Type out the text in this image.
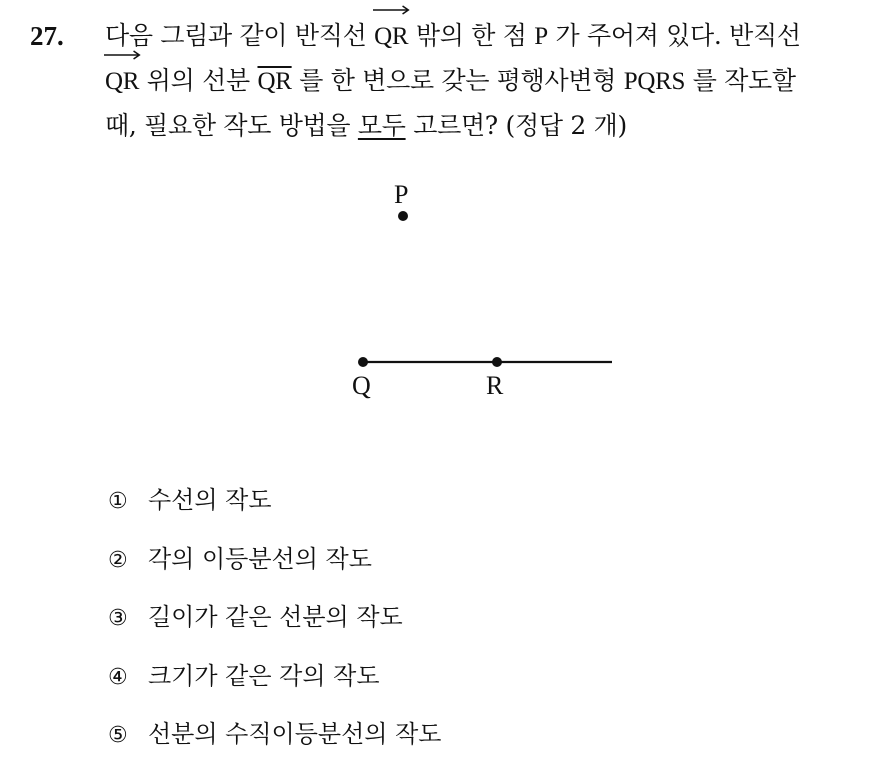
27. 다음 그림과 같이 반직선
QR 밖의 한 점 P 가 주어져 있다. 반직선

QR 위의 선분 $\overline{QR}$ 를 한 변으로 갖는 평행사변형 PQRS 를 작도할
때, 필요한 작도 방법을 모두 고르면? (정답 2 개)
P
Q	R
① 수선의 작도
② 각의 이등분선의 작도
③ 길이가 같은 선분의 작도
④ 크기가 같은 각의 작도
⑤ 선분의 수직이등분선의 작도
